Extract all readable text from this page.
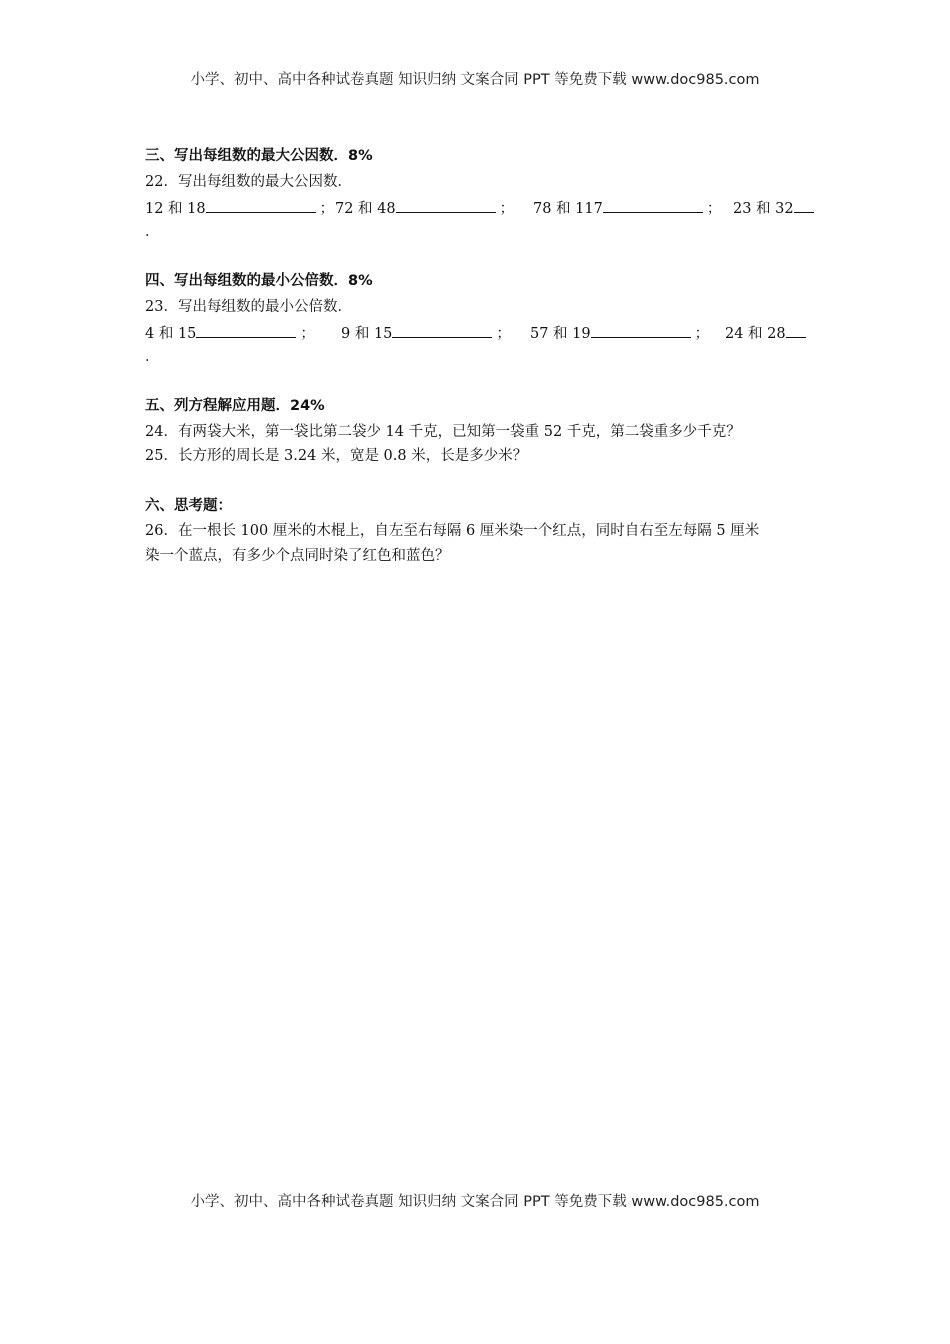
小学、初中、高中各种试卷真题 知识归纳 文案合同 PPT 等免费下载 www.doc985.com
三、写出每组数的最大公因数．8%
22．写出每组数的最大公因数．
12 和 18	； 72 和 48	； 78 和 117	； 23 和 32
．
四、写出每组数的最小公倍数．8%
23．写出每组数的最小公倍数．
4 和 15	； 9 和 15	； 57 和 19	； 24 和 28
．
五、列方程解应用题．24%
24．有两袋大米，第一袋比第二袋少 14 千克，已知第一袋重 52 千克，第二袋重多少千克？
25．长方形的周长是 3.24 米，宽是 0.8 米，长是多少米？
六、思考题：
26．在一根长 100 厘米的木棍上，自左至右每隔 6 厘米染一个红点，同时自右至左每隔 5 厘米
染一个蓝点，有多少个点同时染了红色和蓝色？
小学、初中、高中各种试卷真题 知识归纳 文案合同 PPT 等免费下载 www.doc985.com
